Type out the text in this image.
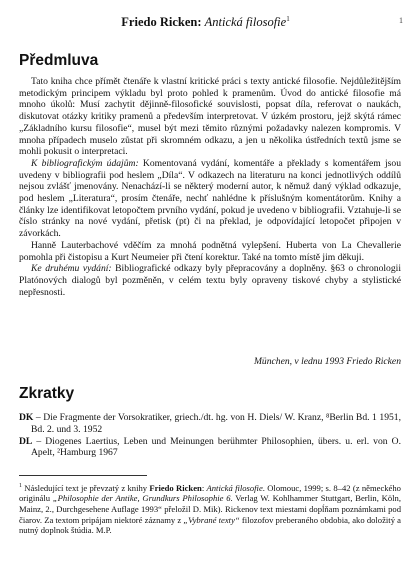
Friedo Ricken: Antická filosofie$^1$	1
Předmluva

Tato kniha chce přímět čtenáře k vlastní kritické práci s texty antické filosofie. Nejdůležitějším metodickým principem výkladu byl proto pohled k pramenům. Úvod do antické filosofie má mnoho úkolů: Musí zachytit dějinně-filosofické souvislosti, popsat díla, referovat o naukách, diskutovat otázky kritiky pramenů a především interpretovat. V úzkém prostoru, jejž skýtá rámec „Základního kursu filosofie“, musel být mezi těmito různými požadavky nalezen kompromis. V mnoha případech muselo zůstat při skromném odkazu, a jen u několika ústředních textů jsme se mohli pokusit o interpretaci.

K bibliografickým údajům: Komentovaná vydání, komentáře a překlady s komentářem jsou uvedeny v bibliografii pod heslem „Díla“. V odkazech na literaturu na konci jednotlivých oddílů nejsou zvlášť jmenovány. Nenachází-li se některý moderní autor, k němuž daný výklad odkazuje, pod heslem „Literatura“, prosím čtenáře, nechť nahlédne k příslušným komentátorům. Knihy a články lze identifikovat letopočtem prvního vydání, pokud je uvedeno v bibliografii. Vztahuje-li se číslo stránky na nové vydání, přetisk (pt) či na překlad, je odpovídající letopočet připojen v závorkách.

Hanně Lauterbachové vděčím za mnohá podnětná vylepšení. Huberta von La Chevallerie pomohla při čistopisu a Kurt Neumeier při čtení korektur. Také na tomto místě jim děkuji.

Ke druhému vydání: Bibliografické odkazy byly přepracovány a doplněny. §63 o chronologii Platónových dialogů byl pozměněn, v celém textu byly opraveny tiskové chyby a stylistické nepřesnosti.

München, v lednu 1993 Friedo Ricken
Zkratky

DK – Die Fragmente der Vorsokratiker, griech./dt. hg. von H. Diels/ W. Kranz, ⁸Berlin Bd. 1 1951, Bd. 2. und 3. 1952

DL – Diogenes Laertius, Leben und Meinungen berühmter Philosophien, übers. u. erl. von O. Apelt, ²Hamburg 1967

$^1$ Následující text je převzatý z knihy Friedo Ricken: Antická filosofie. Olomouc, 1999; s. 8–42 (z německého originálu „Philosophie der Antike, Grundkurs Philosophie 6. Verlag W. Kohlhammer Stuttgart, Berlin, Köln, Mainz, 2., Durchgesehene Auflage 1993“ přeložil D. Mik). Rickenov text miestami dopĺňam poznámkami pod čiarov. Za textom pripájam niektoré záznamy z „Vybrané texty“ filozofov preberaného obdobia, ako doložitý a nutný doplnok štúdia. M.P.
